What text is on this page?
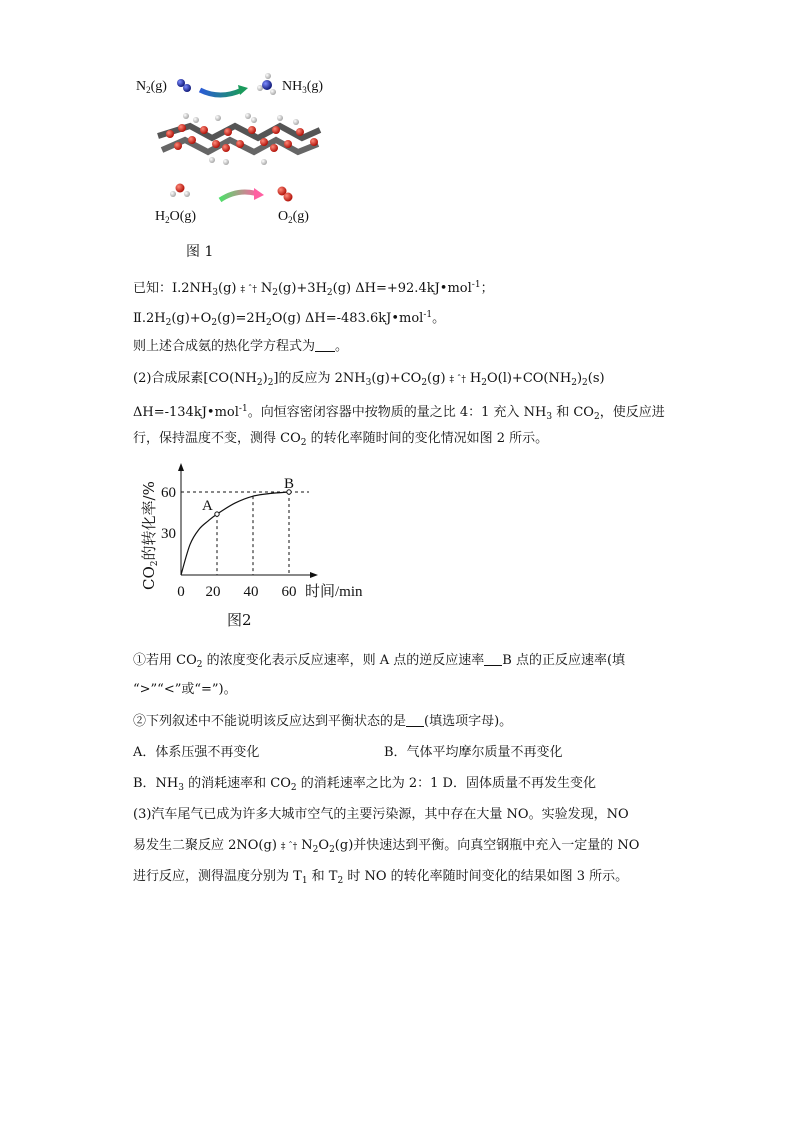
$N_2(g)$	$NH_3(g)$
$H_2O(g)$	$O_2(g)$
图 1
已知：$I.2NH_3(g)$ ‡ ˆ† $N_2(g)+3H_2(g)$ ΔH=+92.4kJ•mol$^{-1}$；
$Ⅱ.2H_2(g)+O_2(g)=2H_2O(g)$ ΔH=-483.6kJ•mol$^{-1}$。
则上述合成氨的热化学方程式为 。
(2)合成尿素$[CO(NH_2)_2]$的反应为 $2NH_3(g)+CO_2(g)$ ‡ ˆ† $H_2O(l)+CO(NH_2)_2(s)$
ΔH=-134kJ•mol$^{-1}$。向恒容密闭容器中按物质的量之比 4：1 充入 $NH_3$ 和 $CO_2$，使反应进
行，保持温度不变，测得 $CO_2$ 的转化率随时间的变化情况如图 2 所示。
0 20 40 60
30
60
时间/min
A
B
$CO_2$的转化率/%
图2
①若用 $CO_2$ 的浓度变化表示反应速率，则 A 点的逆反应速率 B 点的正反应速率(填
“>”“<”或“=”)。
②下列叙述中不能说明该反应达到平衡状态的是 (填选项字母)。
A．体系压强不再变化	B．气体平均摩尔质量不再变化
B．$NH_3$ 的消耗速率和 $CO_2$ 的消耗速率之比为 2：1 D．固体质量不再发生变化
(3)汽车尾气已成为许多大城市空气的主要污染源，其中存在大量 NO。实验发现，NO
易发生二聚反应 2NO(g) ‡ ˆ† $N_2O_2(g)$并快速达到平衡。向真空钢瓶中充入一定量的 NO
进行反应，测得温度分别为 $T_1$ 和 $T_2$ 时 NO 的转化率随时间变化的结果如图 3 所示。
